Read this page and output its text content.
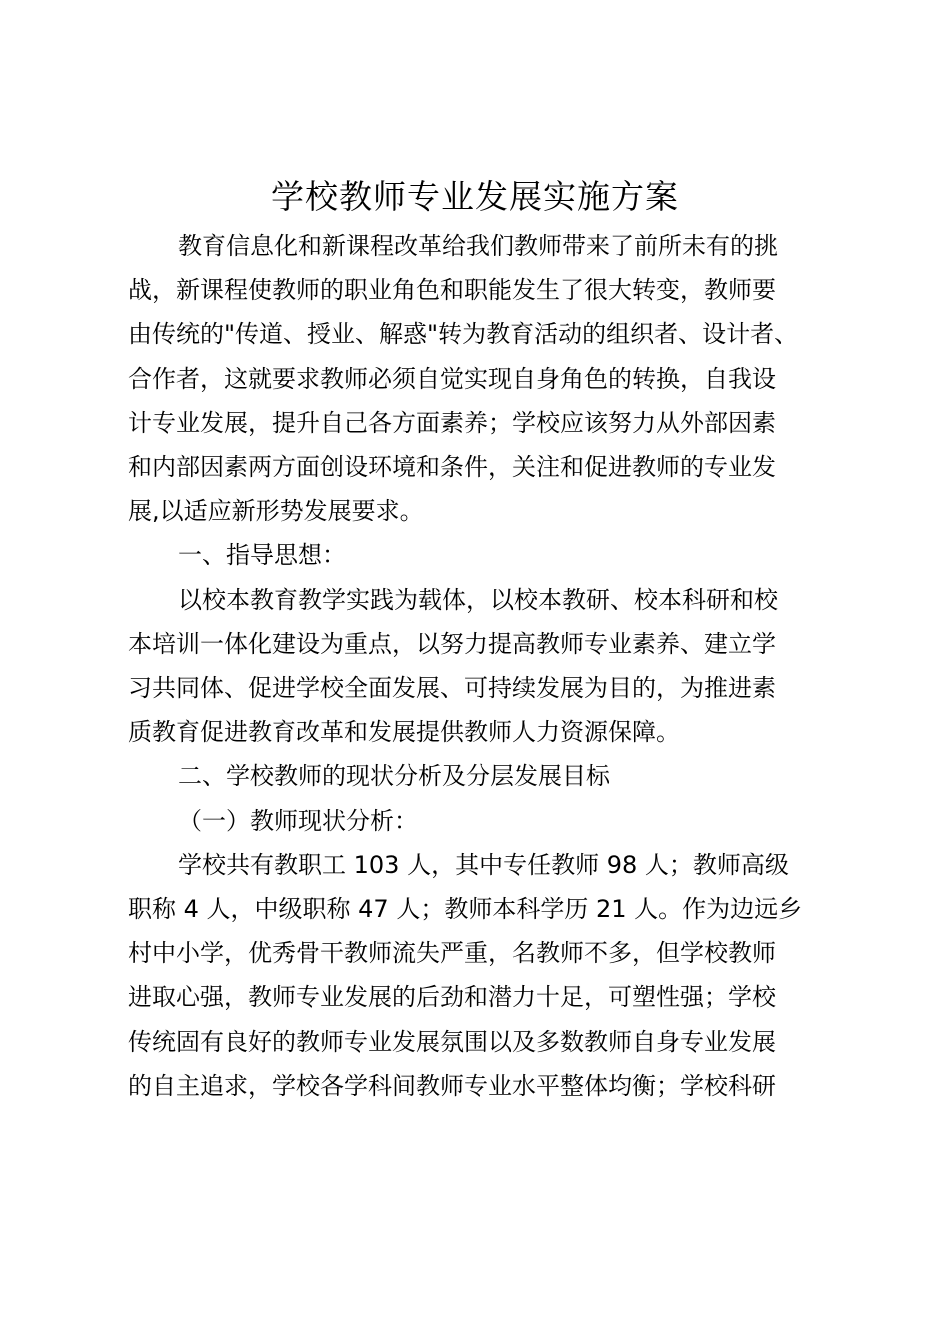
学校教师专业发展实施方案

教育信息化和新课程改革给我们教师带来了前所未有的挑
战，新课程使教师的职业角色和职能发生了很大转变，教师要
由传统的"传道、授业、解惑"转为教育活动的组织者、设计者、
合作者，这就要求教师必须自觉实现自身角色的转换，自我设
计专业发展，提升自己各方面素养；学校应该努力从外部因素
和内部因素两方面创设环境和条件，关注和促进教师的专业发
展,以适应新形势发展要求。

一、指导思想：

以校本教育教学实践为载体，以校本教研、校本科研和校
本培训一体化建设为重点，以努力提高教师专业素养、建立学
习共同体、促进学校全面发展、可持续发展为目的，为推进素
质教育促进教育改革和发展提供教师人力资源保障。

二、学校教师的现状分析及分层发展目标

（一）教师现状分析：

学校共有教职工 103 人，其中专任教师 98 人；教师高级
职称 4 人，中级职称 47 人；教师本科学历 21 人。作为边远乡
村中小学，优秀骨干教师流失严重，名教师不多，但学校教师
进取心强，教师专业发展的后劲和潜力十足，可塑性强；学校
传统固有良好的教师专业发展氛围以及多数教师自身专业发展
的自主追求，学校各学科间教师专业水平整体均衡；学校科研
